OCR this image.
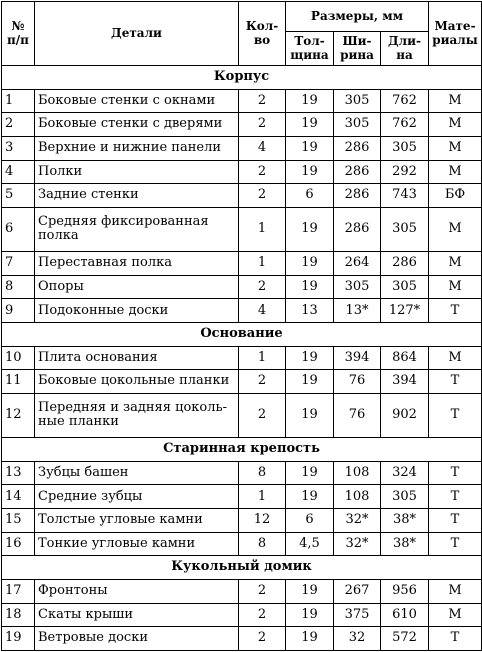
№ п/п	Детали	Кол-во	Размеры, мм			Мате-риалы
			Тол-щина	Ши-рина	Дли-на	
Корпус						
1	Боковые стенки с окнами	2	19	305	762	М
2	Боковые стенки с дверями	2	19	305	762	М
3	Верхние и нижние панели	4	19	286	305	М
4	Полки	2	19	286	292	М
5	Задние стенки	2	6	286	743	БФ
6	Средняя фиксированная полка	1	19	286	305	М
7	Переставная полка	1	19	264	286	М
8	Опоры	2	19	305	305	М
9	Подоконные доски	4	13	13*	127*	Т
Основание						
10	Плита основания	1	19	394	864	М
11	Боковые цокольные планки	2	19	76	394	Т
12	Передняя и задняя цоколь-ные планки	2	19	76	902	Т
Старинная крепость						
13	Зубцы башен	8	19	108	324	Т
14	Средние зубцы	1	19	108	305	Т
15	Толстые угловые камни	12	6	32*	38*	Т
16	Тонкие угловые камни	8	4,5	32*	38*	Т
Кукольный домик						
17	Фронтоны	2	19	267	956	М
18	Скаты крыши	2	19	375	610	М
19	Ветровые доски	2	19	32	572	Т
